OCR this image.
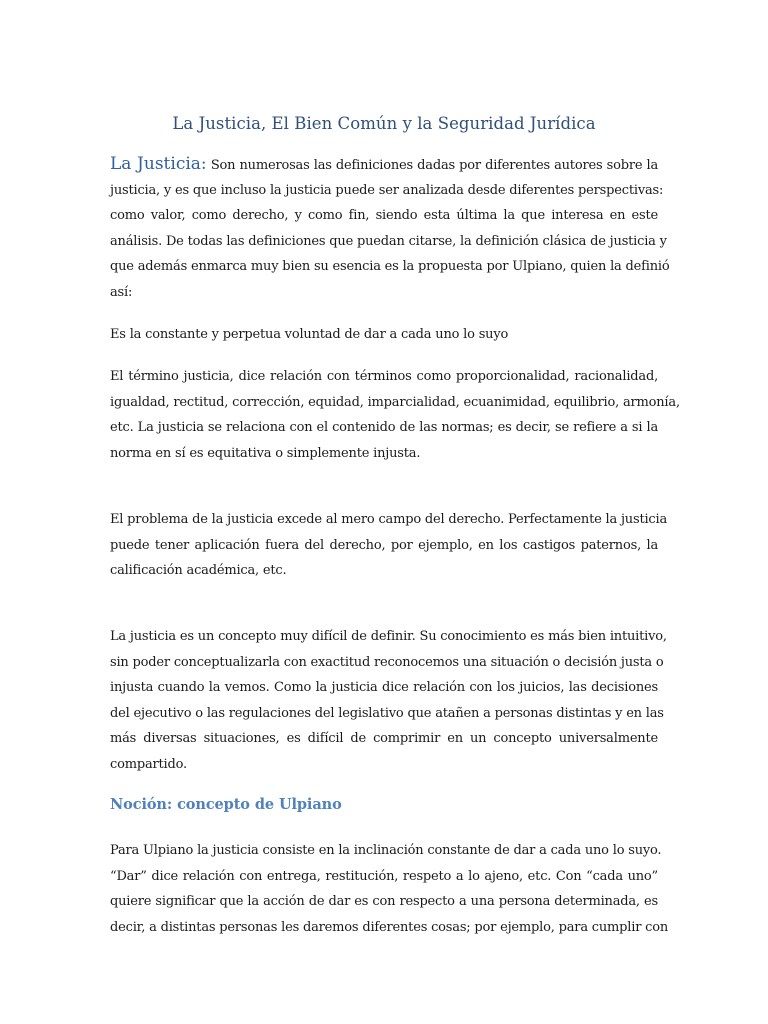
La Justicia, El Bien Común y la Seguridad Jurídica
La Justicia: Son numerosas las definiciones dadas por diferentes autores sobre la
justicia, y es que incluso la justicia puede ser analizada desde diferentes perspectivas:
como valor, como derecho, y como fin, siendo esta última la que interesa en este
análisis. De todas las definiciones que puedan citarse, la definición clásica de justicia y
que además enmarca muy bien su esencia es la propuesta por Ulpiano, quien la definió
así:
Es la constante y perpetua voluntad de dar a cada uno lo suyo
El término justicia, dice relación con términos como proporcionalidad, racionalidad,
igualdad, rectitud, corrección, equidad, imparcialidad, ecuanimidad, equilibrio, armonía,
etc. La justicia se relaciona con el contenido de las normas; es decir, se refiere a si la
norma en sí es equitativa o simplemente injusta.
El problema de la justicia excede al mero campo del derecho. Perfectamente la justicia
puede tener aplicación fuera del derecho, por ejemplo, en los castigos paternos, la
calificación académica, etc.
La justicia es un concepto muy difícil de definir. Su conocimiento es más bien intuitivo,
sin poder conceptualizarla con exactitud reconocemos una situación o decisión justa o
injusta cuando la vemos. Como la justicia dice relación con los juicios, las decisiones
del ejecutivo o las regulaciones del legislativo que atañen a personas distintas y en las
más diversas situaciones, es difícil de comprimir en un concepto universalmente
compartido.
Noción: concepto de Ulpiano
Para Ulpiano la justicia consiste en la inclinación constante de dar a cada uno lo suyo.
“Dar” dice relación con entrega, restitución, respeto a lo ajeno, etc. Con “cada uno”
quiere significar que la acción de dar es con respecto a una persona determinada, es
decir, a distintas personas les daremos diferentes cosas; por ejemplo, para cumplir con
